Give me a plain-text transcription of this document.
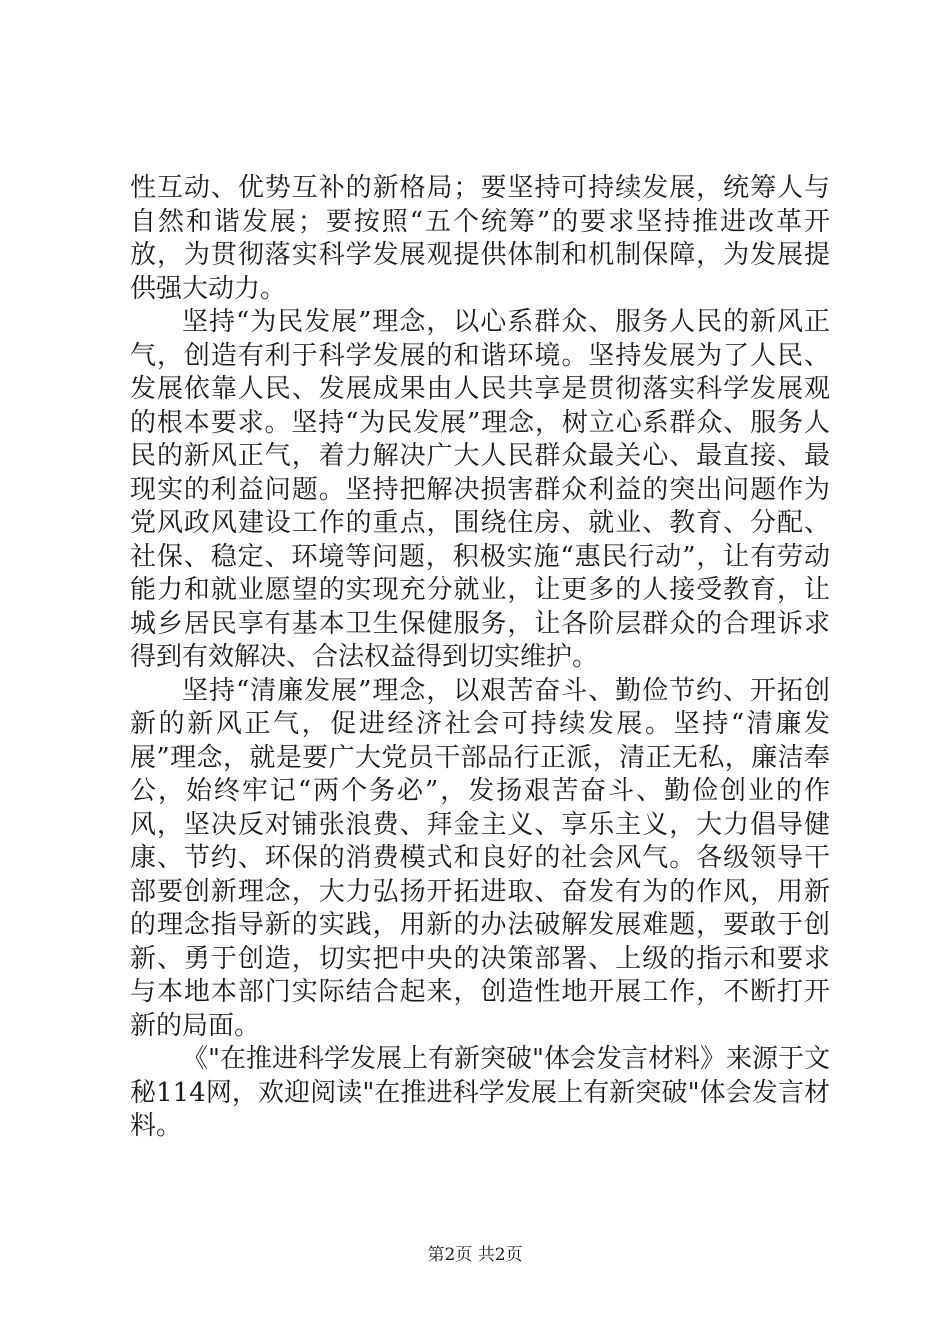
性互动、优势互补的新格局；要坚持可持续发展，统筹人与自然和谐发展；要按照“五个统筹”的要求坚持推进改革开放，为贯彻落实科学发展观提供体制和机制保障，为发展提供强大动力。

坚持“为民发展”理念，以心系群众、服务人民的新风正气，创造有利于科学发展的和谐环境。坚持发展为了人民、发展依靠人民、发展成果由人民共享是贯彻落实科学发展观的根本要求。坚持“为民发展”理念，树立心系群众、服务人民的新风正气，着力解决广大人民群众最关心、最直接、最现实的利益问题。坚持把解决损害群众利益的突出问题作为党风政风建设工作的重点，围绕住房、就业、教育、分配、社保、稳定、环境等问题，积极实施“惠民行动”，让有劳动能力和就业愿望的实现充分就业，让更多的人接受教育，让城乡居民享有基本卫生保健服务，让各阶层群众的合理诉求得到有效解决、合法权益得到切实维护。

坚持“清廉发展”理念，以艰苦奋斗、勤俭节约、开拓创新的新风正气，促进经济社会可持续发展。坚持“清廉发展”理念，就是要广大党员干部品行正派，清正无私，廉洁奉公，始终牢记“两个务必”，发扬艰苦奋斗、勤俭创业的作风，坚决反对铺张浪费、拜金主义、享乐主义，大力倡导健康、节约、环保的消费模式和良好的社会风气。各级领导干部要创新理念，大力弘扬开拓进取、奋发有为的作风，用新的理念指导新的实践，用新的办法破解发展难题，要敢于创新、勇于创造，切实把中央的决策部署、上级的指示和要求与本地本部门实际结合起来，创造性地开展工作，不断打开新的局面。

《"在推进科学发展上有新突破"体会发言材料》来源于文秘114网，欢迎阅读"在推进科学发展上有新突破"体会发言材料。

第2页 共2页
